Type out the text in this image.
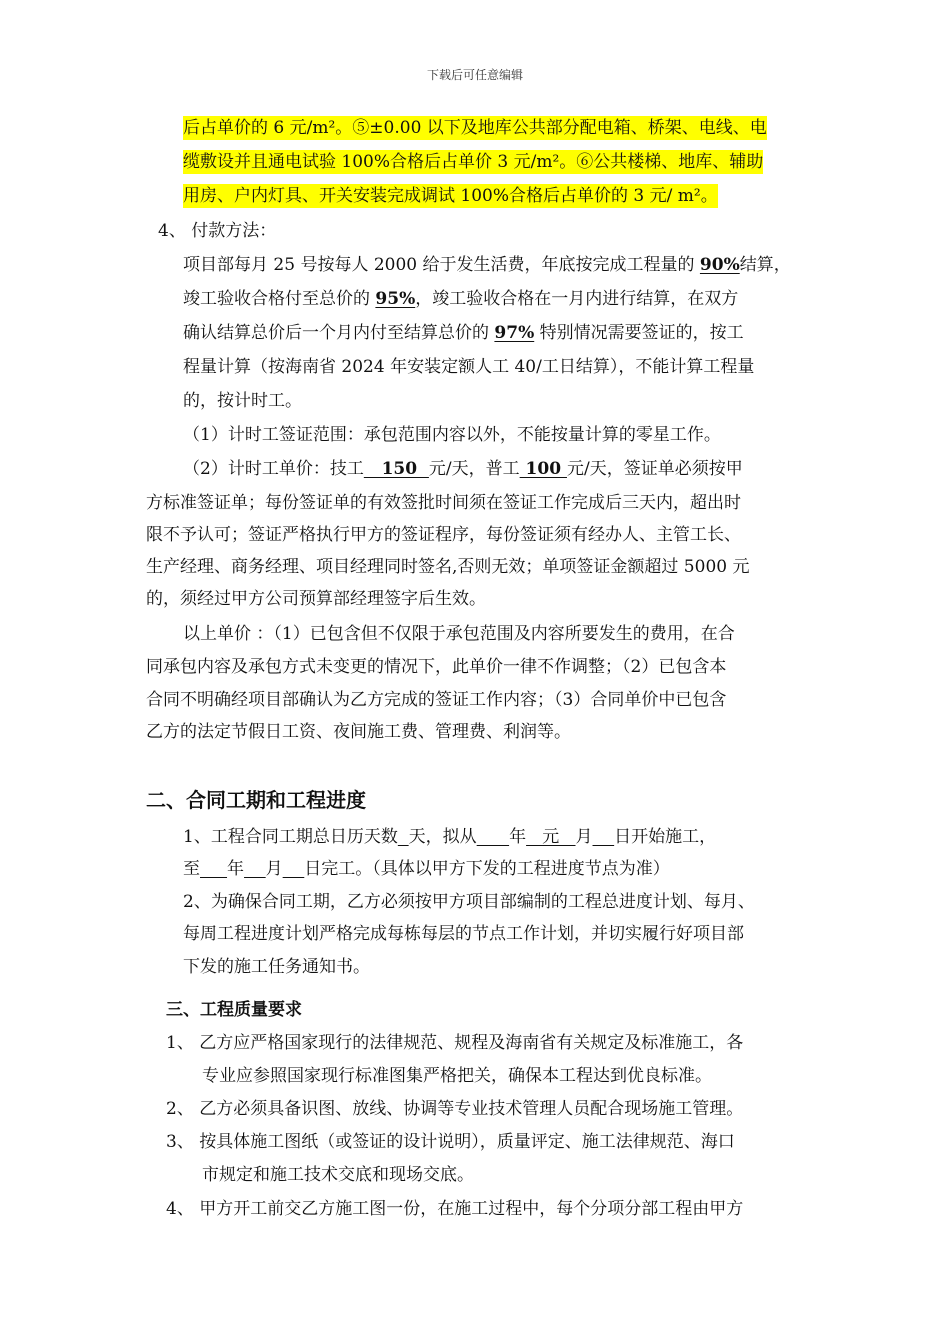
下载后可任意编辑
后占单价的 6 元/m²。⑤±0.00 以下及地库公共部分配电箱、桥架、电线、电
缆敷设并且通电试验 100%合格后占单价 3 元/m²。⑥公共楼梯、地库、辅助
用房、户内灯具、开关安装完成调试 100%合格后占单价的 3 元/ m²。
4、 付款方法：
项目部每月 25 号按每人 2000 给于发生活费，年底按完成工程量的 90%结算，
竣工验收合格付至总价的 95%，竣工验收合格在一月内进行结算，在双方
确认结算总价后一个月内付至结算总价的 97% 特别情况需要签证的，按工
程量计算（按海南省 2024 年安装定额人工 40/工日结算），不能计算工程量
的，按计时工。
（1）计时工签证范围：承包范围内容以外，不能按量计算的零星工作。
（2）计时工单价：技工   150  元/天，普工 100 元/天，签证单必须按甲
方标准签证单；每份签证单的有效签批时间须在签证工作完成后三天内，超出时
限不予认可；签证严格执行甲方的签证程序，每份签证须有经办人、主管工长、
生产经理、商务经理、项目经理同时签名,否则无效；单项签证金额超过 5000 元
的，须经过甲方公司预算部经理签字后生效。
以上单价 ：（1）已包含但不仅限于承包范围及内容所要发生的费用，在合
同承包内容及承包方式未变更的情况下，此单价一律不作调整；（2）已包含本
合同不明确经项目部确认为乙方完成的签证工作内容；（3）合同单价中已包含
乙方的法定节假日工资、夜间施工费、管理费、利润等。
二、合同工期和工程进度
1、工程合同工期总日历天数 天，拟从 年   元   月 日开始施工，
至 年 月 日完工。（具体以甲方下发的工程进度节点为准）
2、为确保合同工期，乙方必须按甲方项目部编制的工程总进度计划、每月、
每周工程进度计划严格完成每栋每层的节点工作计划，并切实履行好项目部
下发的施工任务通知书。
三、工程质量要求
1、 乙方应严格国家现行的法律规范、规程及海南省有关规定及标准施工，各
专业应参照国家现行标准图集严格把关，确保本工程达到优良标准。
2、 乙方必须具备识图、放线、协调等专业技术管理人员配合现场施工管理。
3、 按具体施工图纸（或签证的设计说明），质量评定、施工法律规范、海口
市规定和施工技术交底和现场交底。
4、 甲方开工前交乙方施工图一份，在施工过程中，每个分项分部工程由甲方
